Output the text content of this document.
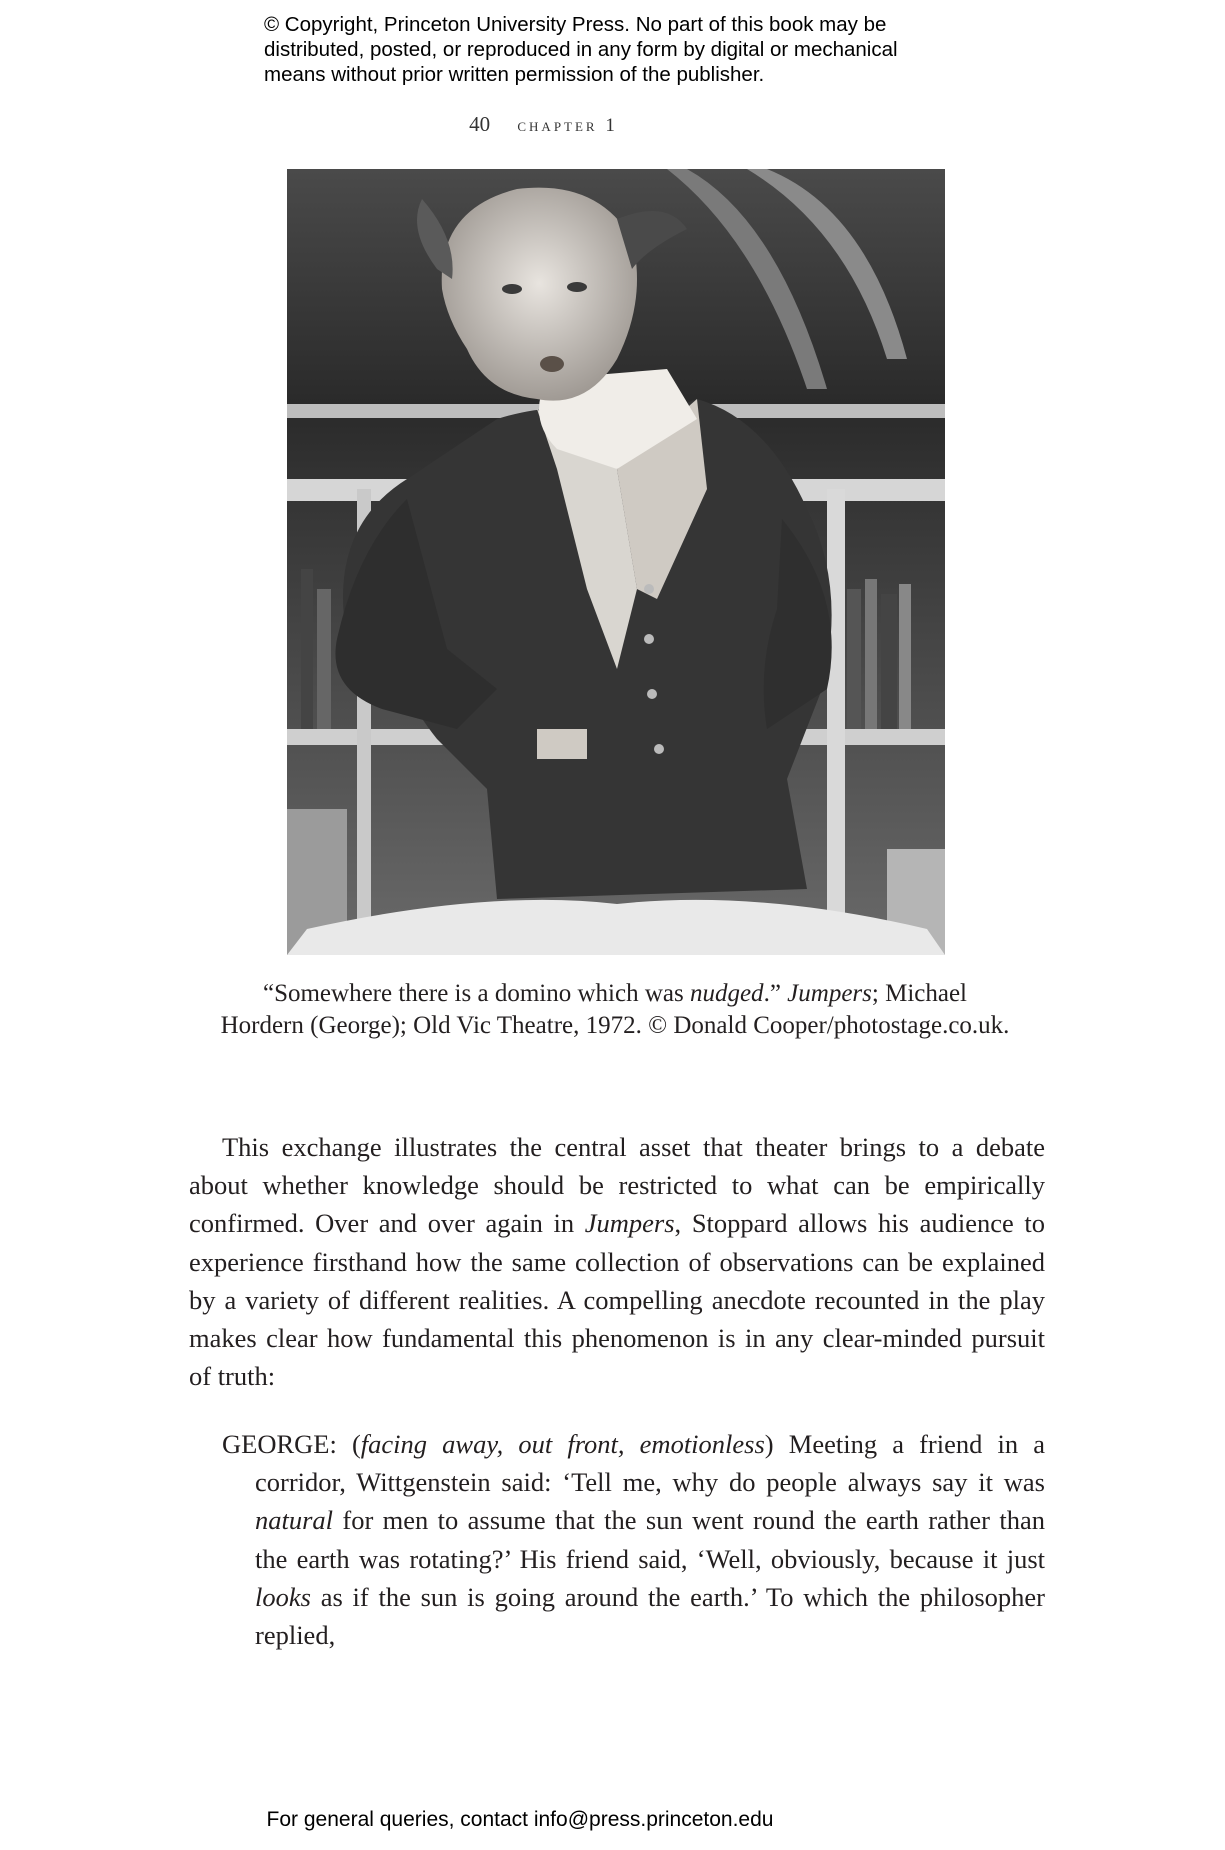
© Copyright, Princeton University Press. No part of this book may be
distributed, posted, or reproduced in any form by digital or mechanical
means without prior written permission of the publisher.
40 chapter 1
“Somewhere there is a domino which was nudged.” Jumpers; Michael Hordern (George); Old Vic Theatre, 1972. © Donald Cooper/photostage.co.uk.

This exchange illustrates the central asset that theater brings to a debate about whether knowledge should be restricted to what can be empirically confirmed. Over and over again in Jumpers, Stoppard allows his audience to experience firsthand how the same collection of observations can be explained by a variety of different realities. A compelling anecdote recounted in the play makes clear how fundamental this phenomenon is in any clear-minded pursuit of truth:

GEORGE: (facing away, out front, emotionless) Meeting a friend in a corridor, Wittgenstein said: ‘Tell me, why do people always say it was natural for men to assume that the sun went round the earth rather than the earth was rotating?’ His friend said, ‘Well, obviously, because it just looks as if the sun is going around the earth.’ To which the philosopher replied,

For general queries, contact info@press.princeton.edu
